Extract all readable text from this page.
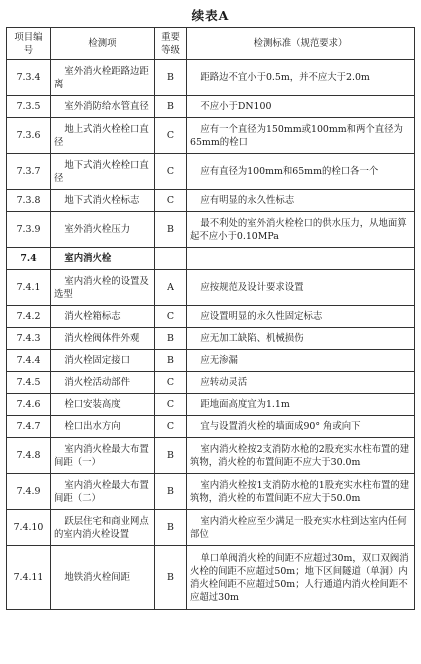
续表A
项目编号	检测项	重要等级	检测标准（规范要求）
7.3.4	室外消火栓距路边距离	B	距路边不宜小于0.5m，并不应大于2.0m
7.3.5	室外消防给水管直径	B	不应小于DN100
7.3.6	地上式消火栓栓口直径	C	应有一个直径为150mm或100mm和两个直径为65mm的栓口
7.3.7	地下式消火栓栓口直径	C	应有直径为100mm和65mm的栓口各一个
7.3.8	地下式消火栓标志	C	应有明显的永久性标志
7.3.9	室外消火栓压力	B	最不利处的室外消火栓栓口的供水压力，从地面算起不应小于0.10MPa
7.4	室内消火栓		
7.4.1	室内消火栓的设置及选型	A	应按规范及设计要求设置
7.4.2	消火栓箱标志	C	应设置明显的永久性固定标志
7.4.3	消火栓阀体件外观	B	应无加工缺陷、机械损伤
7.4.4	消火栓固定接口	B	应无渗漏
7.4.5	消火栓活动部件	C	应转动灵活
7.4.6	栓口安装高度	C	距地面高度宜为1.1m
7.4.7	栓口出水方向	C	宜与设置消火栓的墙面成90° 角或向下
7.4.8	室内消火栓最大布置间距（一）	B	室内消火栓按2支消防水枪的2股充实水柱布置的建筑物，消火栓的布置间距不应大于30.0m
7.4.9	室内消火栓最大布置间距（二）	B	室内消火栓按1支消防水枪的1股充实水柱布置的建筑物，消火栓的布置间距不应大于50.0m
7.4.10	跃层住宅和商业网点的室内消火栓设置	B	室内消火栓应至少满足一股充实水柱到达室内任何部位
7.4.11	地铁消火栓间距	B	单口单阀消火栓的间距不应超过30m，双口双阀消火栓的间距不应超过50m；地下区间隧道（单洞）内消火栓间距不应超过50m；人行通道内消火栓间距不应超过30m
